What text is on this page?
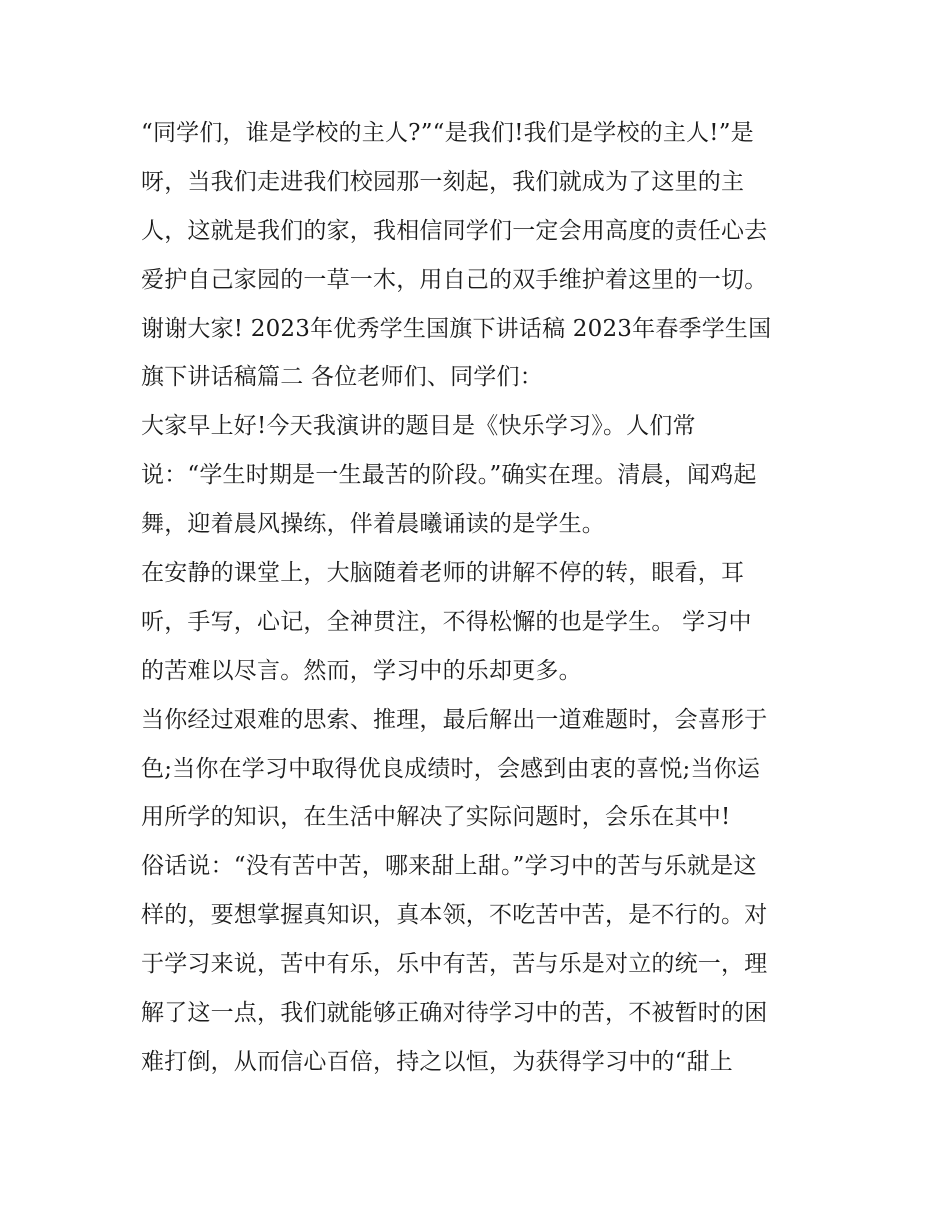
“同学们，谁是学校的主人?”“是我们!我们是学校的主人!”是
呀，当我们走进我们校园那一刻起，我们就成为了这里的主
人，这就是我们的家，我相信同学们一定会用高度的责任心去
爱护自己家园的一草一木，用自己的双手维护着这里的一切。
谢谢大家! 2023年优秀学生国旗下讲话稿 2023年春季学生国
旗下讲话稿篇二 各位老师们、同学们：
大家早上好!今天我演讲的题目是《快乐学习》。人们常
说：“学生时期是一生最苦的阶段。”确实在理。清晨，闻鸡起
舞，迎着晨风操练，伴着晨曦诵读的是学生。
在安静的课堂上，大脑随着老师的讲解不停的转，眼看，耳
听，手写，心记，全神贯注，不得松懈的也是学生。 学习中
的苦难以尽言。然而，学习中的乐却更多。
当你经过艰难的思索、推理，最后解出一道难题时，会喜形于
色;当你在学习中取得优良成绩时，会感到由衷的喜悦;当你运
用所学的知识，在生活中解决了实际问题时，会乐在其中!
俗话说：“没有苦中苦，哪来甜上甜。”学习中的苦与乐就是这
样的，要想掌握真知识，真本领，不吃苦中苦，是不行的。对
于学习来说，苦中有乐，乐中有苦，苦与乐是对立的统一，理
解了这一点，我们就能够正确对待学习中的苦，不被暂时的困
难打倒，从而信心百倍，持之以恒，为获得学习中的“甜上
